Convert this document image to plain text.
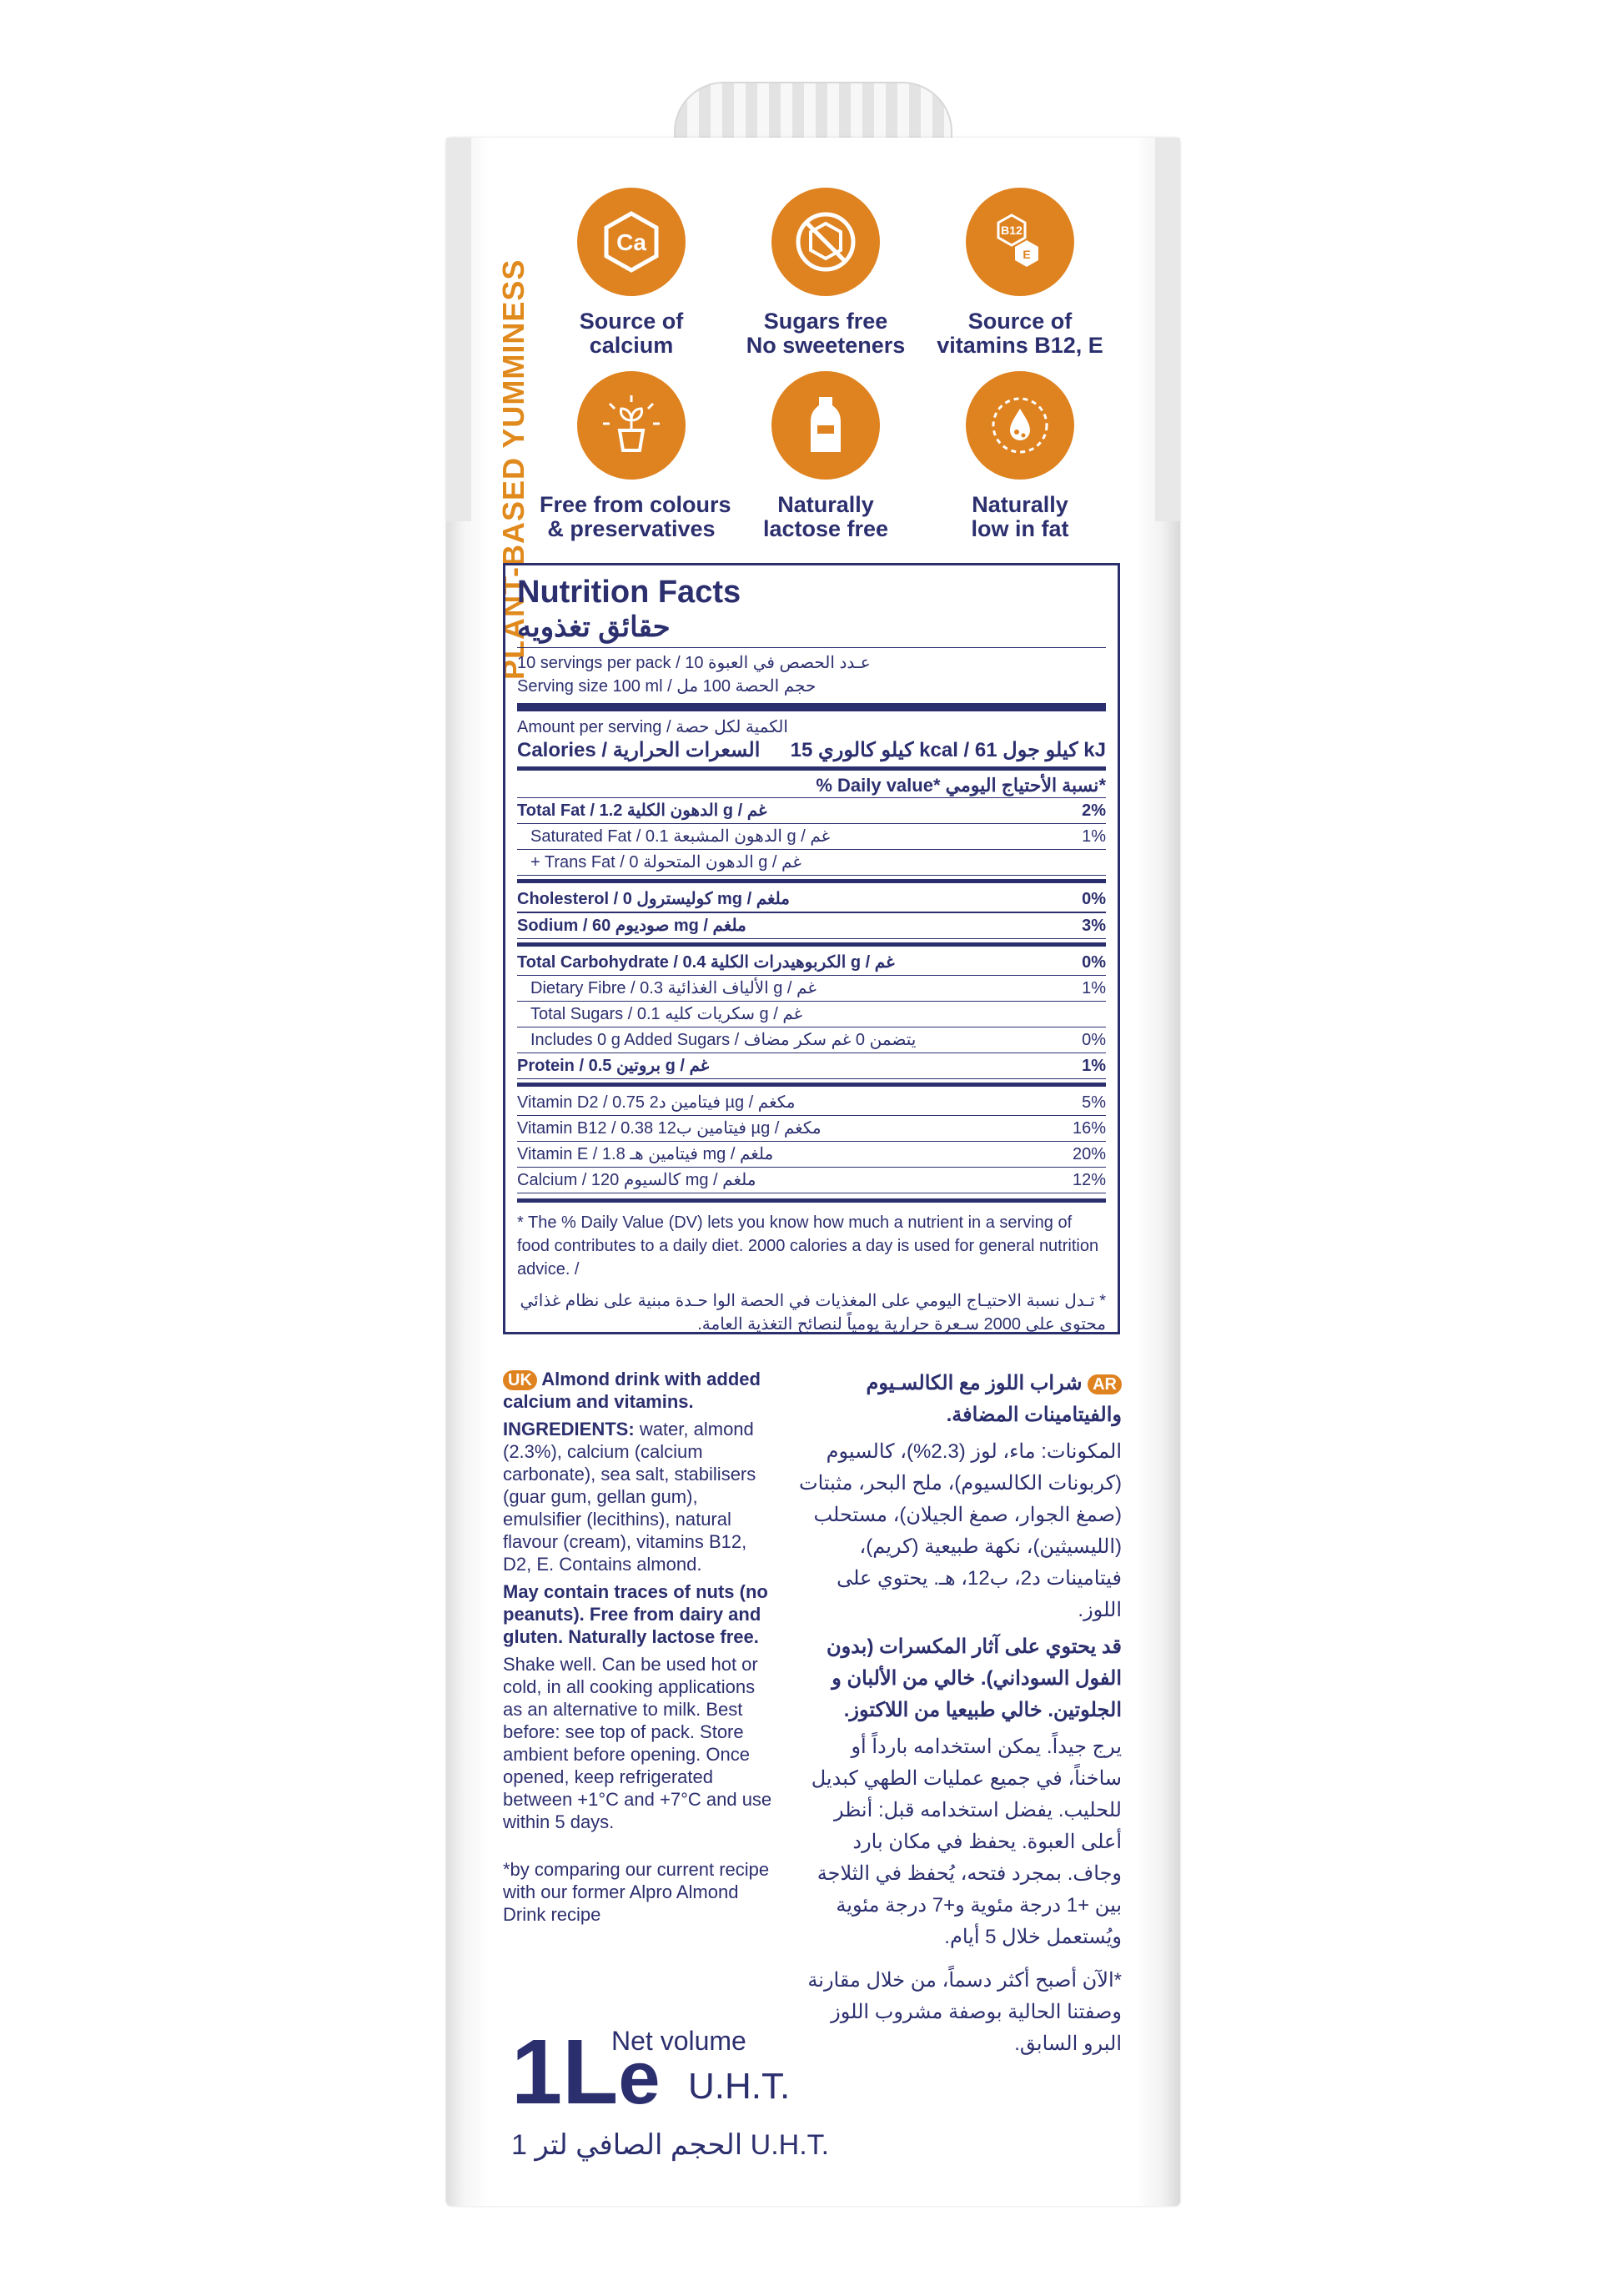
PLANT-BASED YUMMINESS
Ca
Source of
calcium
Sugars free
No sweeteners
B12
E
Source of
vitamins B12, E
Free from colours
& preservatives
Naturally
lactose free
Naturally
low in fat
Nutrition Facts
حقائق تغذويه
10 servings per pack / 10 عـدد الحصص في العبوة
Serving size 100 ml / حجم الحصة 100 مل
Amount per serving / الكمية لكل حصة
Calories / السعرات الحرارية كيلو كالوري 15 kcal / كيلو جول 61 kJ
% Daily value* نسبة الأحتياج اليومي*
Total Fat / الدهون الكلية 1.2 g / غم	2%
Saturated Fat / الدهون المشبعة 0.1 g / غم	1%
+ Trans Fat / الدهون المتحولة 0 g / غم
Cholesterol / كوليسترول 0 mg / ملغم	0%
Sodium / صوديوم 60 mg / ملغم	3%
Total Carbohydrate / الكربوهيدرات الكلية 0.4 g / غم	0%
Dietary Fibre / الألياف الغذائية 0.3 g / غم	1%
Total Sugars / سكريات كليه 0.1 g / غم
Includes 0 g Added Sugars / يتضمن 0 غم سكر مضاف	0%
Protein / بروتين 0.5 g / غم	1%
Vitamin D2 / فيتامين د2 0.75 µg / مكغم	5%
Vitamin B12 / فيتامين ب12 0.38 µg / مكغم	16%
Vitamin E / فيتامين هـ 1.8 mg / ملغم	20%
Calcium / كالسيوم 120 mg / ملغم	12%
* The % Daily Value (DV) lets you know how much a nutrient in a serving of food contributes to a daily diet. 2000 calories a day is used for general nutrition advice. /
* تـدل نسبة الاحتيـاج اليومي على المغذيات في الحصة الوا حـدة مبنية على نظام غذائي محتوي على 2000 سـعرة حرارية يومياً لنصائح التغذية العامة.
UK Almond drink with added calcium and vitamins.
INGREDIENTS: water, almond (2.3%), calcium (calcium carbonate), sea salt, stabilisers (guar gum, gellan gum), emulsifier (lecithins), natural flavour (cream), vitamins B12, D2, E. Contains almond.
May contain traces of nuts (no peanuts). Free from dairy and gluten. Naturally lactose free.
Shake well. Can be used hot or cold, in all cooking applications as an alternative to milk. Best before: see top of pack. Store ambient before opening. Once opened, keep refrigerated between +1°C and +7°C and use within 5 days.
*by comparing our current recipe with our former Alpro Almond Drink recipe
AR شراب اللوز مع الكالسـيوم والفيتامينات المضافة.
المكونات: ماء، لوز (2.3%)، كالسيوم (كربونات الكالسيوم)، ملح البحر، مثبتات (صمغ الجوار، صمغ الجيلان)، مستحلب (الليسيثين)، نكهة طبيعية (كريم)، فيتامينات د2، ب12، هـ. يحتوي على اللوز.
قد يحتوي على آثار المكسرات (بدون الفول السوداني). خالي من الألبان و الجلوتين. خالي طبيعيا من اللاكتوز.
يرج جيداً. يمكن استخدامه بارداً أو ساخناً، في جميع عمليات الطهي كبديل للحليب. يفضل استخدامه قبل: أنظر أعلى العبوة. يحفظ في مكان بارد وجاف. بمجرد فتحه، يُحفظ في الثلاجة بين +1 درجة مئوية و+7 درجة مئوية ويُستعمل خلال 5 أيام.
*الآن أصبح أكثر دسماً، من خلال مقارنة وصفتنا الحالية بوصفة مشروب اللوز البرو السابق.
1Le
Net volume
U.H.T.
1 الحجم الصافي لتر U.H.T.
